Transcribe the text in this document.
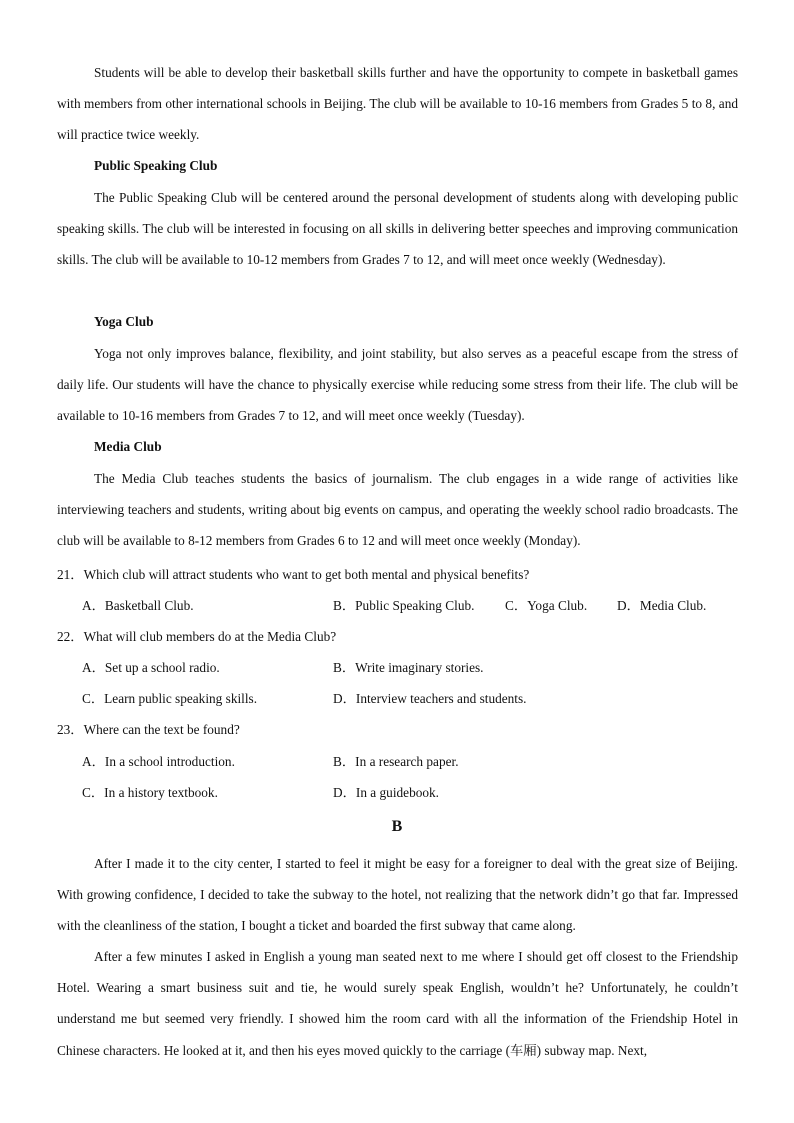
Students will be able to develop their basketball skills further and have the opportunity to compete in basketball games with members from other international schools in Beijing. The club will be available to 10-16 members from Grades 5 to 8, and will practice twice weekly.

Public Speaking Club

The Public Speaking Club will be centered around the personal development of students along with developing public speaking skills. The club will be interested in focusing on all skills in delivering better speeches and improving communication skills. The club will be available to 10-12 members from Grades 7 to 12, and will meet once weekly (Wednesday).

Yoga Club

Yoga not only improves balance, flexibility, and joint stability, but also serves as a peaceful escape from the stress of daily life. Our students will have the chance to physically exercise while reducing some stress from their life. The club will be available to 10-16 members from Grades 7 to 12, and will meet once weekly (Tuesday).

Media Club

The Media Club teaches students the basics of journalism. The club engages in a wide range of activities like interviewing teachers and students, writing about big events on campus, and operating the weekly school radio broadcasts. The club will be available to 8-12 members from Grades 6 to 12 and will meet once weekly (Monday).

21．Which club will attract students who want to get both mental and physical benefits?

A．Basketball Club.	B．Public Speaking Club. C．Yoga Club. D．Media Club.

22．What will club members do at the Media Club?

A．Set up a school radio.	B．Write imaginary stories.

C．Learn public speaking skills.	D．Interview teachers and students.

23．Where can the text be found?

A．In a school introduction.	B．In a research paper.

C．In a history textbook.	D．In a guidebook.

B

After I made it to the city center, I started to feel it might be easy for a foreigner to deal with the great size of Beijing. With growing confidence, I decided to take the subway to the hotel, not realizing that the network didn’t go that far. Impressed with the cleanliness of the station, I bought a ticket and boarded the first subway that came along.

After a few minutes I asked in English a young man seated next to me where I should get off closest to the Friendship Hotel. Wearing a smart business suit and tie, he would surely speak English, wouldn’t he? Unfortunately, he couldn’t understand me but seemed very friendly. I showed him the room card with all the information of the Friendship Hotel in Chinese characters. He looked at it, and then his eyes moved quickly to the carriage (车厢) subway map. Next,
